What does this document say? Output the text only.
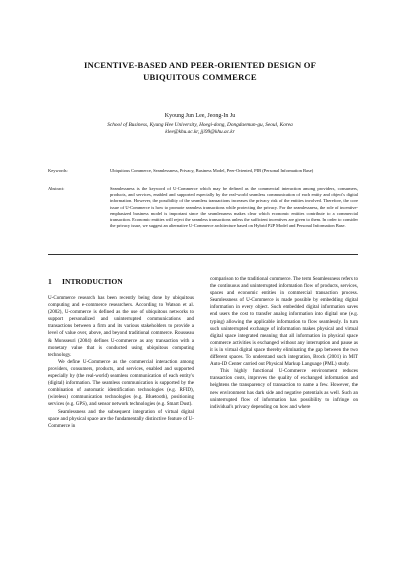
INCENTIVE-BASED AND PEER-ORIENTED DESIGN OF
UBIQUITOUS COMMERCE
Kyoung Jun Lee, Jeong-In Ju
School of Business, Kyung Hee University, Hoegi-dong, Dongdaemun-gu, Seoul, Korea
klee@khu.ac.kr, jji99@khu.ac.kr
Keywords:	Ubiquitous Commerce, Seamlessness, Privacy, Business Model, Peer-Oriented, PIB (Personal Information Base)
Abstract:	Seamlessness is the keyword of U-Commerce which may be defined as the commercial interaction among providers, consumers, products, and services, enabled and supported especially by the real-world seamless communication of each entity and object's digital information. However, the possibility of the seamless transactions increases the privacy risk of the entities involved. Therefore, the core issue of U-Commerce is how to promote seamless transactions while protecting the privacy. For the seamlessness, the role of incentive-emphasized business model is important since the seamlessness makes clear which economic entities contribute to a commercial transaction. Economic entities will reject the seamless transactions unless the sufficient incentives are given to them. In order to consider the privacy issue, we suggest an alternative U-Commerce architecture based on Hybrid P2P Model and Personal Information Base.
1 INTRODUCTION

U-Commerce research has been recently being done by ubiquitous computing and e-commerce researchers. According to Watson et al. (2002), U-commerce is defined as the use of ubiquitous networks to support personalized and uninterrupted communications and transactions between a firm and its various stakeholders to provide a level of value over, above, and beyond traditional commerce. Rousseau & Monsseuri (2004) defines U-commerce as any transaction with a monetary value that is conducted using ubiquitous computing technology.

We define U-Commerce as the commercial interaction among providers, consumers, products, and services, enabled and supported especially by (the real-world) seamless communication of each entity's (digital) information. The seamless communication is supported by the combination of automatic identification technologies (e.g. RFID), (wireless) communication technologies (e.g. Bluetooth), positioning services (e.g. GPS), and sensor network technologies (e.g. Smart Dust).

Seamlessness and the subsequent integration of virtual digital space and physical space are the fundamentally distinctive feature of U-Commerce in

comparison to the traditional commerce. The term Seamlessness refers to the continuous and uninterrupted information flow of products, services, spaces and economic entities in commercial transaction process. Seamlessness of U-Commerce is made possible by embedding digital information in every object. Such embedded digital information saves end users the cost to transfer analog information into digital one (e.g. typing) allowing the applicable information to flow seamlessly. In turn such uninterrupted exchange of information makes physical and virtual digital space integrated meaning that all information in physical space commerce activities is exchanged without any interruption and pause as it is in virtual digital space thereby eliminating the gap between the two different spaces. To understand such integration, Brock (2001) in MIT Auto-ID Center carried out Physical Markup Language (PML) study.

This highly functional U-Commerce environment reduces transaction costs, improves the quality of exchanged information and heightens the transparency of transaction to name a few. However, the new environment has dark side and negative potentials as well. Such an uninterrupted flow of information has possibility to infringe on individual's privacy depending on how and where
